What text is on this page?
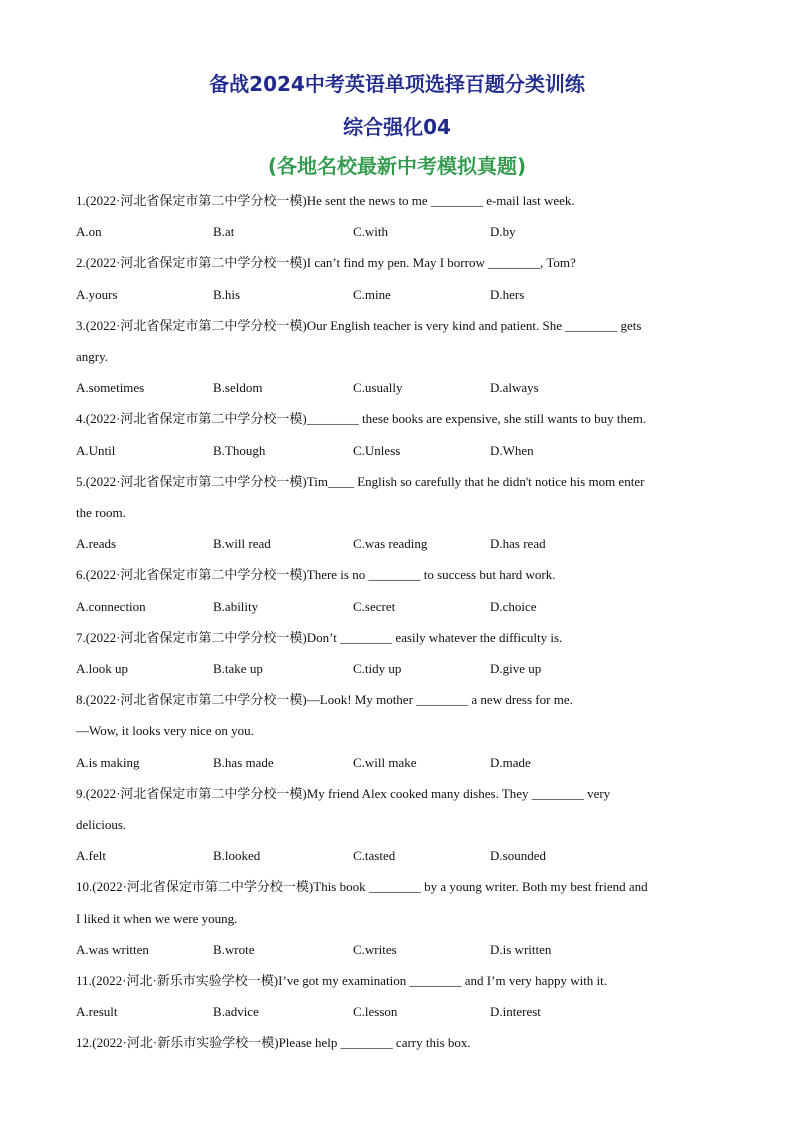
备战2024中考英语单项选择百题分类训练
综合强化04
(各地名校最新中考模拟真题)
1.(2022·河北省保定市第二中学分校一模)He sent the news to me ________ e-mail last week.
A.on	B.at	C.with	D.by
2.(2022·河北省保定市第二中学分校一模)I can’t find my pen. May I borrow ________, Tom?
A.yours	B.his	C.mine	D.hers
3.(2022·河北省保定市第二中学分校一模)Our English teacher is very kind and patient. She ________ gets
angry.
A.sometimes	B.seldom	C.usually	D.always
4.(2022·河北省保定市第二中学分校一模)________ these books are expensive, she still wants to buy them.
A.Until	B.Though	C.Unless	D.When
5.(2022·河北省保定市第二中学分校一模)Tim____ English so carefully that he didn't notice his mom enter
the room.
A.reads	B.will read	C.was reading	D.has read
6.(2022·河北省保定市第二中学分校一模)There is no ________ to success but hard work.
A.connection	B.ability	C.secret	D.choice
7.(2022·河北省保定市第二中学分校一模)Don’t ________ easily whatever the difficulty is.
A.look up	B.take up	C.tidy up	D.give up
8.(2022·河北省保定市第二中学分校一模)—Look! My mother ________ a new dress for me.
—Wow, it looks very nice on you.
A.is making	B.has made	C.will make	D.made
9.(2022·河北省保定市第二中学分校一模)My friend Alex cooked many dishes. They ________ very
delicious.
A.felt	B.looked	C.tasted	D.sounded
10.(2022·河北省保定市第二中学分校一模)This book ________ by a young writer. Both my best friend and
I liked it when we were young.
A.was written	B.wrote	C.writes	D.is written
11.(2022·河北·新乐市实验学校一模)I’ve got my examination ________ and I’m very happy with it.
A.result	B.advice	C.lesson	D.interest
12.(2022·河北·新乐市实验学校一模)Please help ________ carry this box.
